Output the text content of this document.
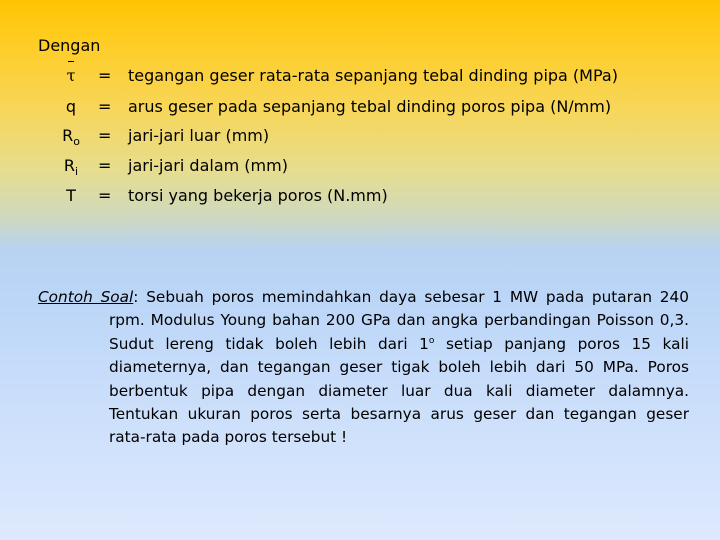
Dengan
τ	= tegangan geser rata-rata sepanjang tebal dinding pipa (MPa)
q	= arus geser pada sepanjang tebal dinding poros pipa (N/mm)
$R_o$	= jari-jari luar (mm)
$R_i$	= jari-jari dalam (mm)
T	= torsi yang bekerja poros (N.mm)
Contoh Soal: Sebuah poros memindahkan daya sebesar 1 MW pada putaran 240 rpm. Modulus Young bahan 200 GPa dan angka perbandingan Poisson 0,3. Sudut lereng tidak boleh lebih dari 1$^o$ setiap panjang poros 15 kali diameternya, dan tegangan geser tigak boleh lebih dari 50 MPa. Poros berbentuk pipa dengan diameter luar dua kali diameter dalamnya. Tentukan ukuran poros serta besarnya arus geser dan tegangan geser rata-rata pada poros tersebut !
